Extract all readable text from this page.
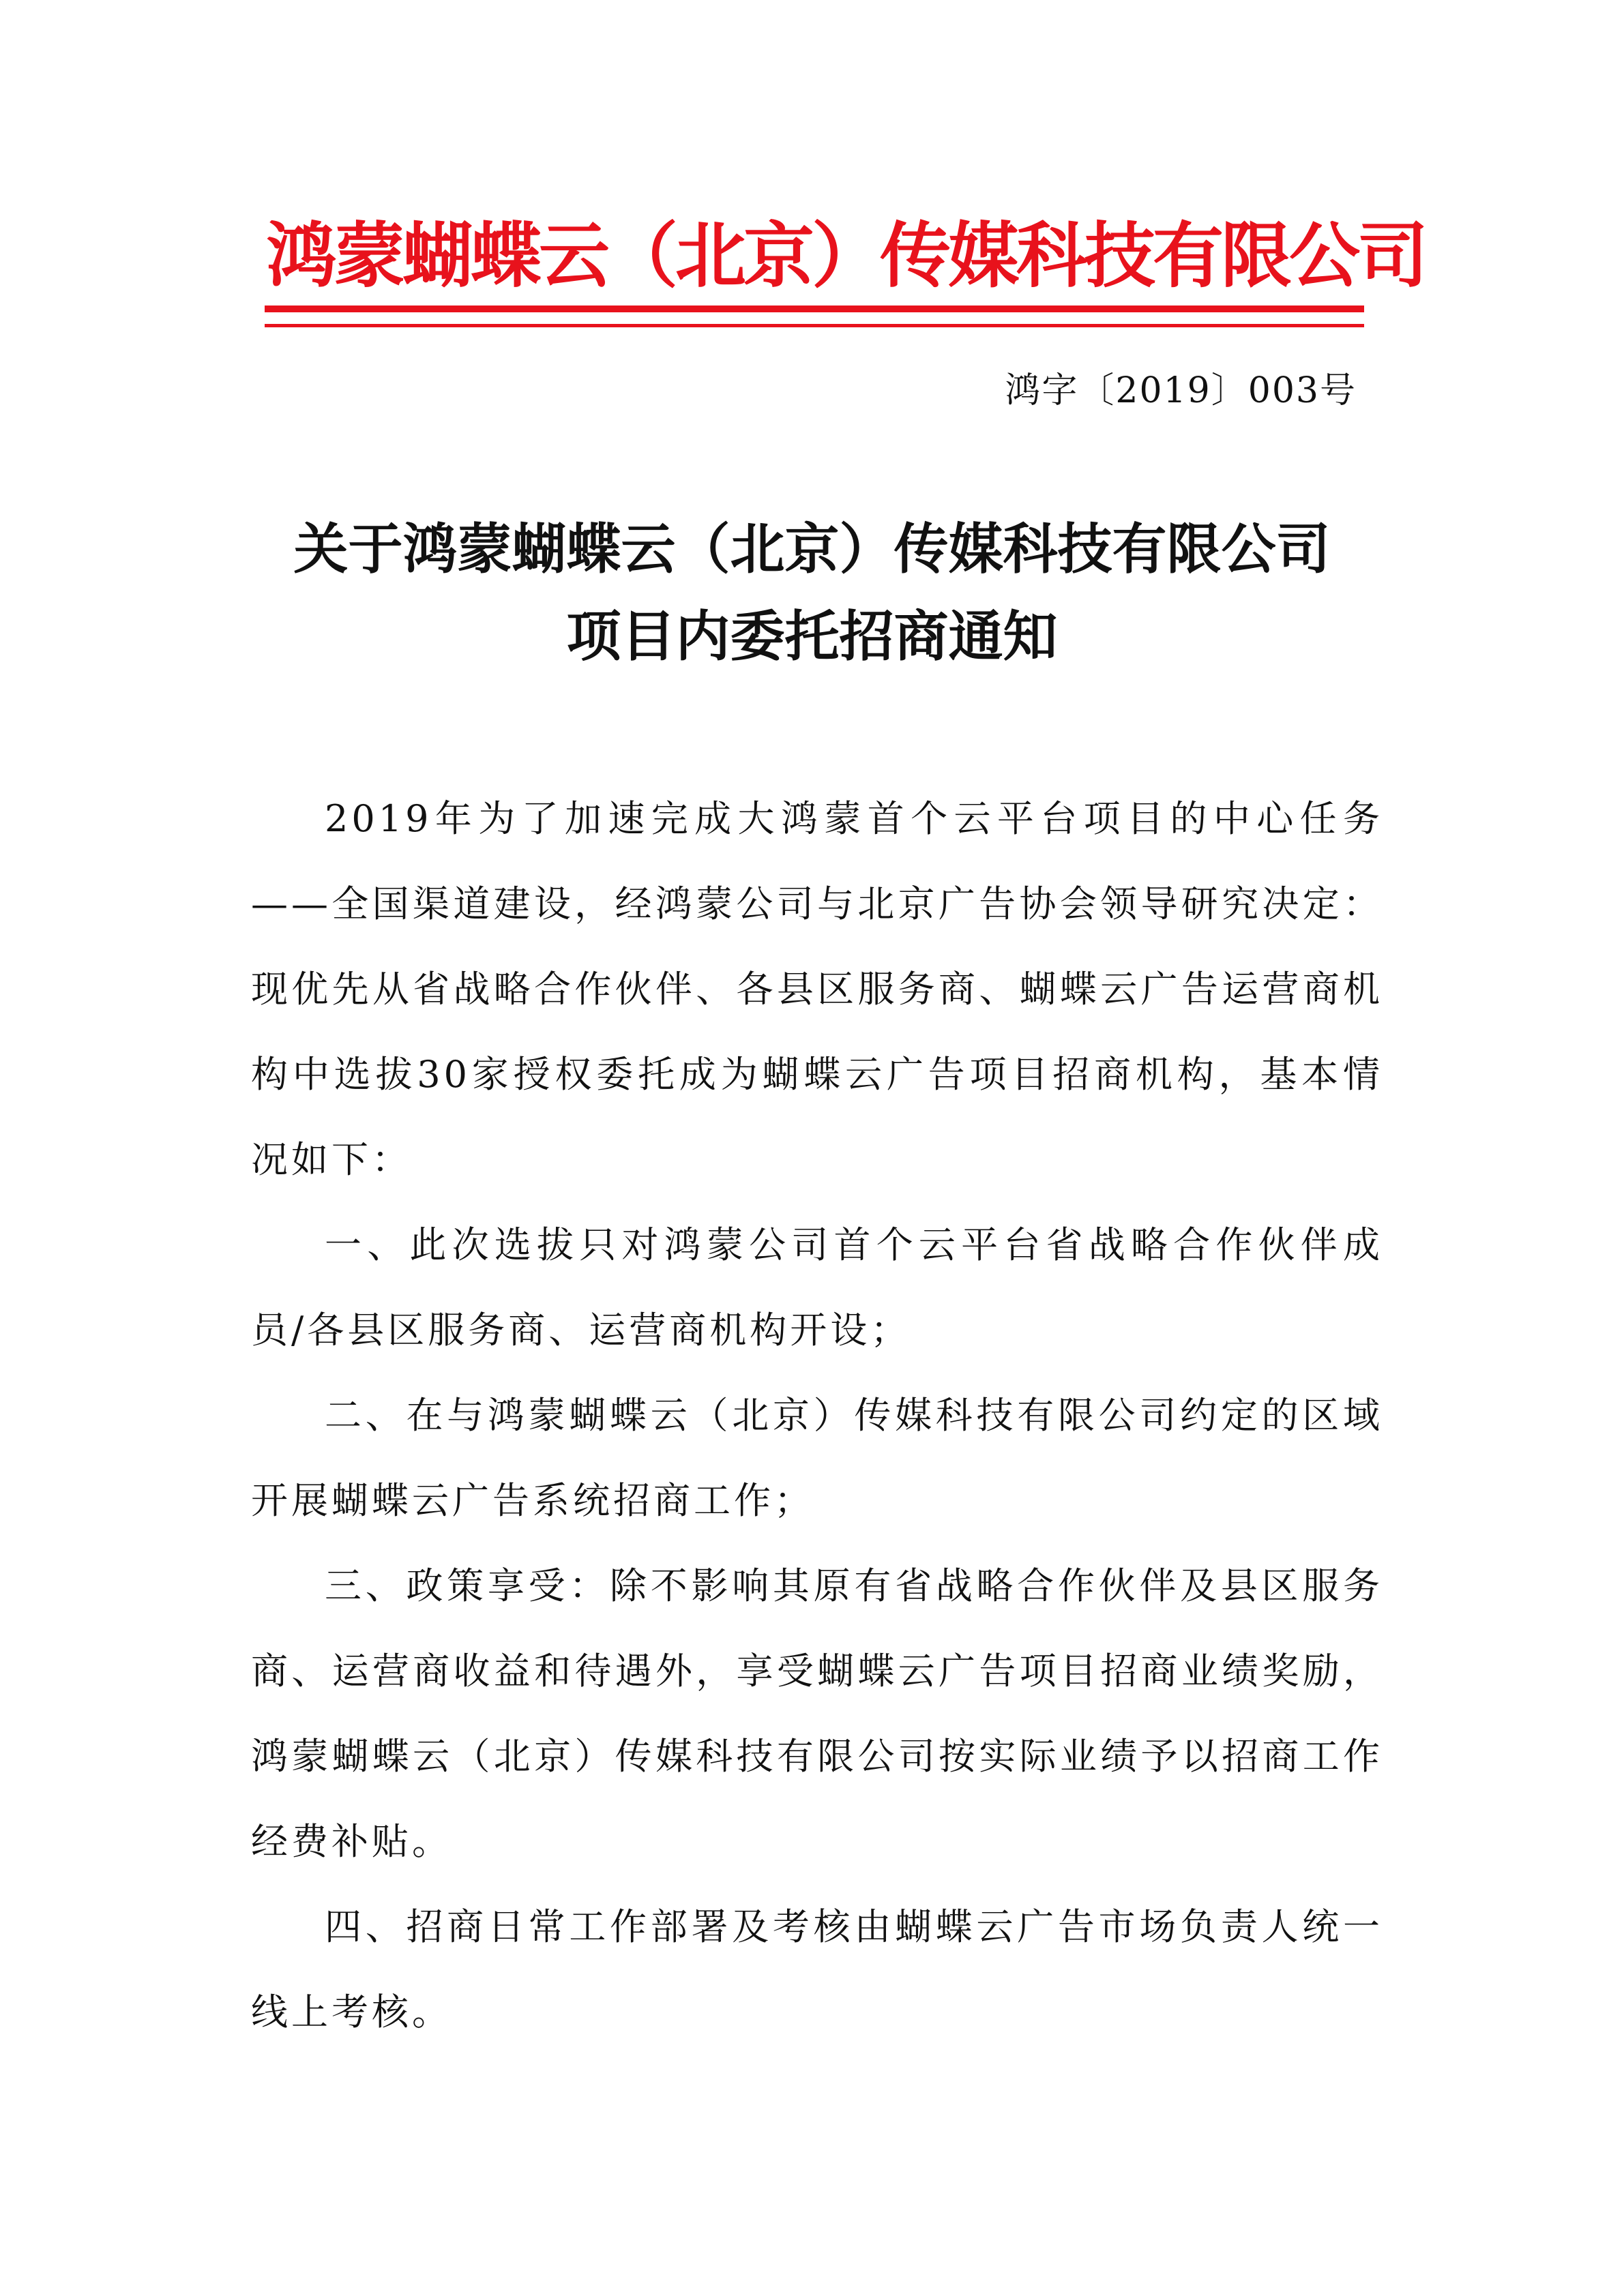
鸿蒙蝴蝶云（北京）传媒科技有限公司
鸿字〔2019〕003号
关于鸿蒙蝴蝶云（北京）传媒科技有限公司
项目内委托招商通知

2019年为了加速完成大鸿蒙首个云平台项目的中心任务——全国渠道建设，经鸿蒙公司与北京广告协会领导研究决定：现优先从省战略合作伙伴、各县区服务商、蝴蝶云广告运营商机构中选拔30家授权委托成为蝴蝶云广告项目招商机构，基本情况如下：

一、此次选拔只对鸿蒙公司首个云平台省战略合作伙伴成员/各县区服务商、运营商机构开设；

二、在与鸿蒙蝴蝶云（北京）传媒科技有限公司约定的区域开展蝴蝶云广告系统招商工作；

三、政策享受：除不影响其原有省战略合作伙伴及县区服务商、运营商收益和待遇外，享受蝴蝶云广告项目招商业绩奖励，鸿蒙蝴蝶云（北京）传媒科技有限公司按实际业绩予以招商工作经费补贴。

四、招商日常工作部署及考核由蝴蝶云广告市场负责人统一线上考核。
